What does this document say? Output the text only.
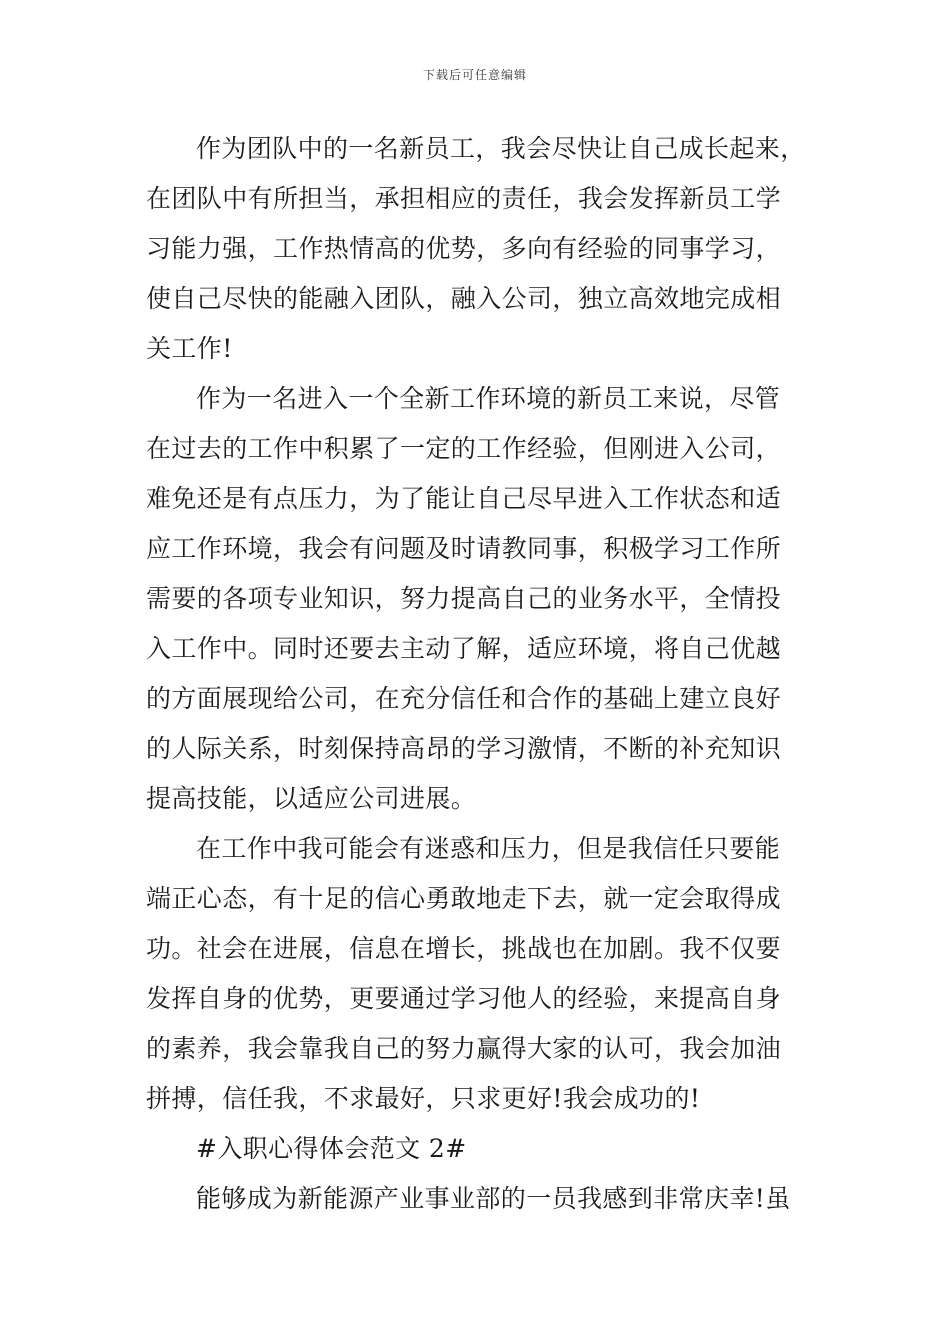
下载后可任意编辑
作为团队中的一名新员工，我会尽快让自己成长起来，
在团队中有所担当，承担相应的责任，我会发挥新员工学
习能力强，工作热情高的优势，多向有经验的同事学习，
使自己尽快的能融入团队，融入公司，独立高效地完成相
关工作!
作为一名进入一个全新工作环境的新员工来说，尽管
在过去的工作中积累了一定的工作经验，但刚进入公司，
难免还是有点压力，为了能让自己尽早进入工作状态和适
应工作环境，我会有问题及时请教同事，积极学习工作所
需要的各项专业知识，努力提高自己的业务水平，全情投
入工作中。同时还要去主动了解，适应环境，将自己优越
的方面展现给公司，在充分信任和合作的基础上建立良好
的人际关系，时刻保持高昂的学习激情，不断的补充知识
提高技能，以适应公司进展。
在工作中我可能会有迷惑和压力，但是我信任只要能
端正心态，有十足的信心勇敢地走下去，就一定会取得成
功。社会在进展，信息在增长，挑战也在加剧。我不仅要
发挥自身的优势，更要通过学习他人的经验，来提高自身
的素养，我会靠我自己的努力赢得大家的认可，我会加油
拼搏，信任我，不求最好，只求更好!我会成功的!
#入职心得体会范文 2#
能够成为新能源产业事业部的一员我感到非常庆幸!虽
